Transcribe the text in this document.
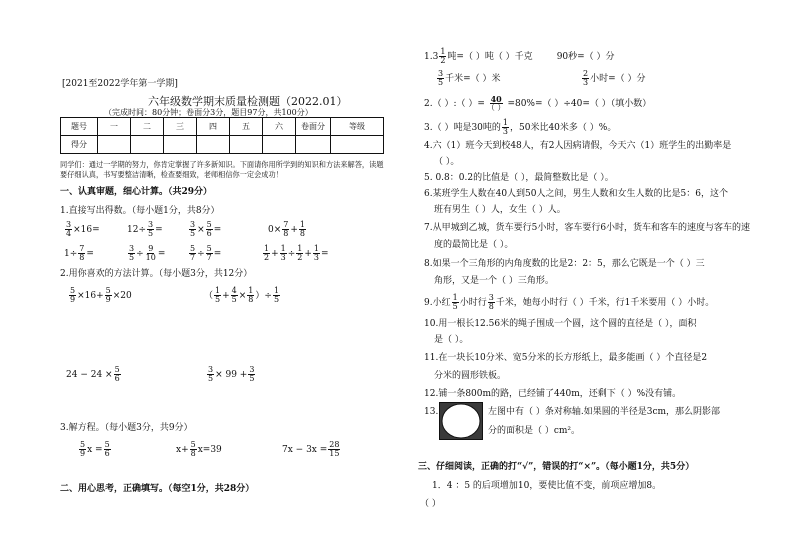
[2021至2022学年第一学期]
六年级数学期末质量检测题（2022.01）
（完成时间：80分钟；卷面分3分，题目97分，共100分）
题号	一	二	三	四	五	六	卷面分	等级
得分								
同学们：通过一学期的努力，你肯定掌握了许多新知识。下面请你用所学到的知识和方法来解答，读题要仔细认真，书写要整洁清晰，检查要细致，老师相信你一定会成功！
一、认真审题，细心计算。（共29分）
1.直接写出得数。（每小题1分，共8分）
$\frac{3}{4} \times 16=$	$12\div \frac{3}{5}$ =	$\frac{3}{5} \times \frac{5}{6}$ =	$0\times \frac{7}{8} + \frac{1}{8}$
$1\div \frac{7}{8}$ =	$\frac{3}{5} \div \frac{9}{10}$ =	$\frac{5}{7} \div \frac{5}{7}$ =	$\frac{1}{2} + \frac{1}{3} \div \frac{1}{2} + \frac{1}{3}$ =
2.用你喜欢的方法计算。（每小题3分，共12分）
$\frac{5}{9} \times 16+ \frac{5}{9} \times 20$	（ $\frac{1}{5} + \frac{4}{5} \times \frac{1}{8}$ ）÷ $\frac{1}{5}$
$24 - 24 \times \frac{5}{6}$	$\frac{3}{5} \times 99 + \frac{3}{5}$
3.解方程。（每小题3分，共9分）
$\frac{5}{9}$ $x = \frac{5}{6}$	$x+ \frac{5}{8} x=39$	$7x - 3x = \frac{28}{15}$
二、用心思考，正确填写。（每空1分，共28分）
$1.3 \frac{1}{2}$ 吨=（ ）吨（ ）千克	90秒=（ ）分
$\frac{3}{5}$ 千米=（ ）米	$\frac{2}{3}$ 小时=（ ）分
2.（ ）:（ ）= $\frac{40}{( )} =80\%=$（ ）÷40=（ ）（填小数）
3.（ ）吨是30吨的 $\frac{1}{3}$ ，50米比40米多（ ）%。
4.六（1）班今天到校48人，有2人因病请假，今天六（1）班学生的出勤率是
（ ）。
5. 0.8：0.2的比值是（ ），最简整数比是（ ）。
6.某班学生人数在40人到50人之间，男生人数和女生人数的比是5：6，这个
班有男生（ ）人，女生（ ）人。
7.从甲城到乙城，货车要行5小时，客车要行6小时，货车和客车的速度与客车的速
度的最简比是（ ）。
8.如果一个三角形的内角度数的比是2：2：5，那么它既是一个（ ）三
角形，又是一个（ ）三角形。
9.小红 $\frac{1}{5}$ 小时行 $\frac{3}{8}$ 千米，她每小时行（ ）千米，行1千米要用（ ）小时。
10.用一根长12.56米的绳子围成一个圆，这个圆的直径是（ ），面积
是（ ）。
11.在一块长10分米、宽5分米的长方形纸上，最多能画（ ）个直径是2
分米的圆形铁板。
12.铺一条800m的路，已经铺了440m，还剩下（ ）%没有铺。
13.	左图中有（ ）条对称轴.如果圆的半径是3cm，那么阴影部
分的面积是（ ）cm²。
三、仔细阅读，正确的打“√”，错误的打“×”。（每小题1分，共5分）
1．4 ：5 的后项增加10，要使比值不变，前项应增加8。
（ ）
